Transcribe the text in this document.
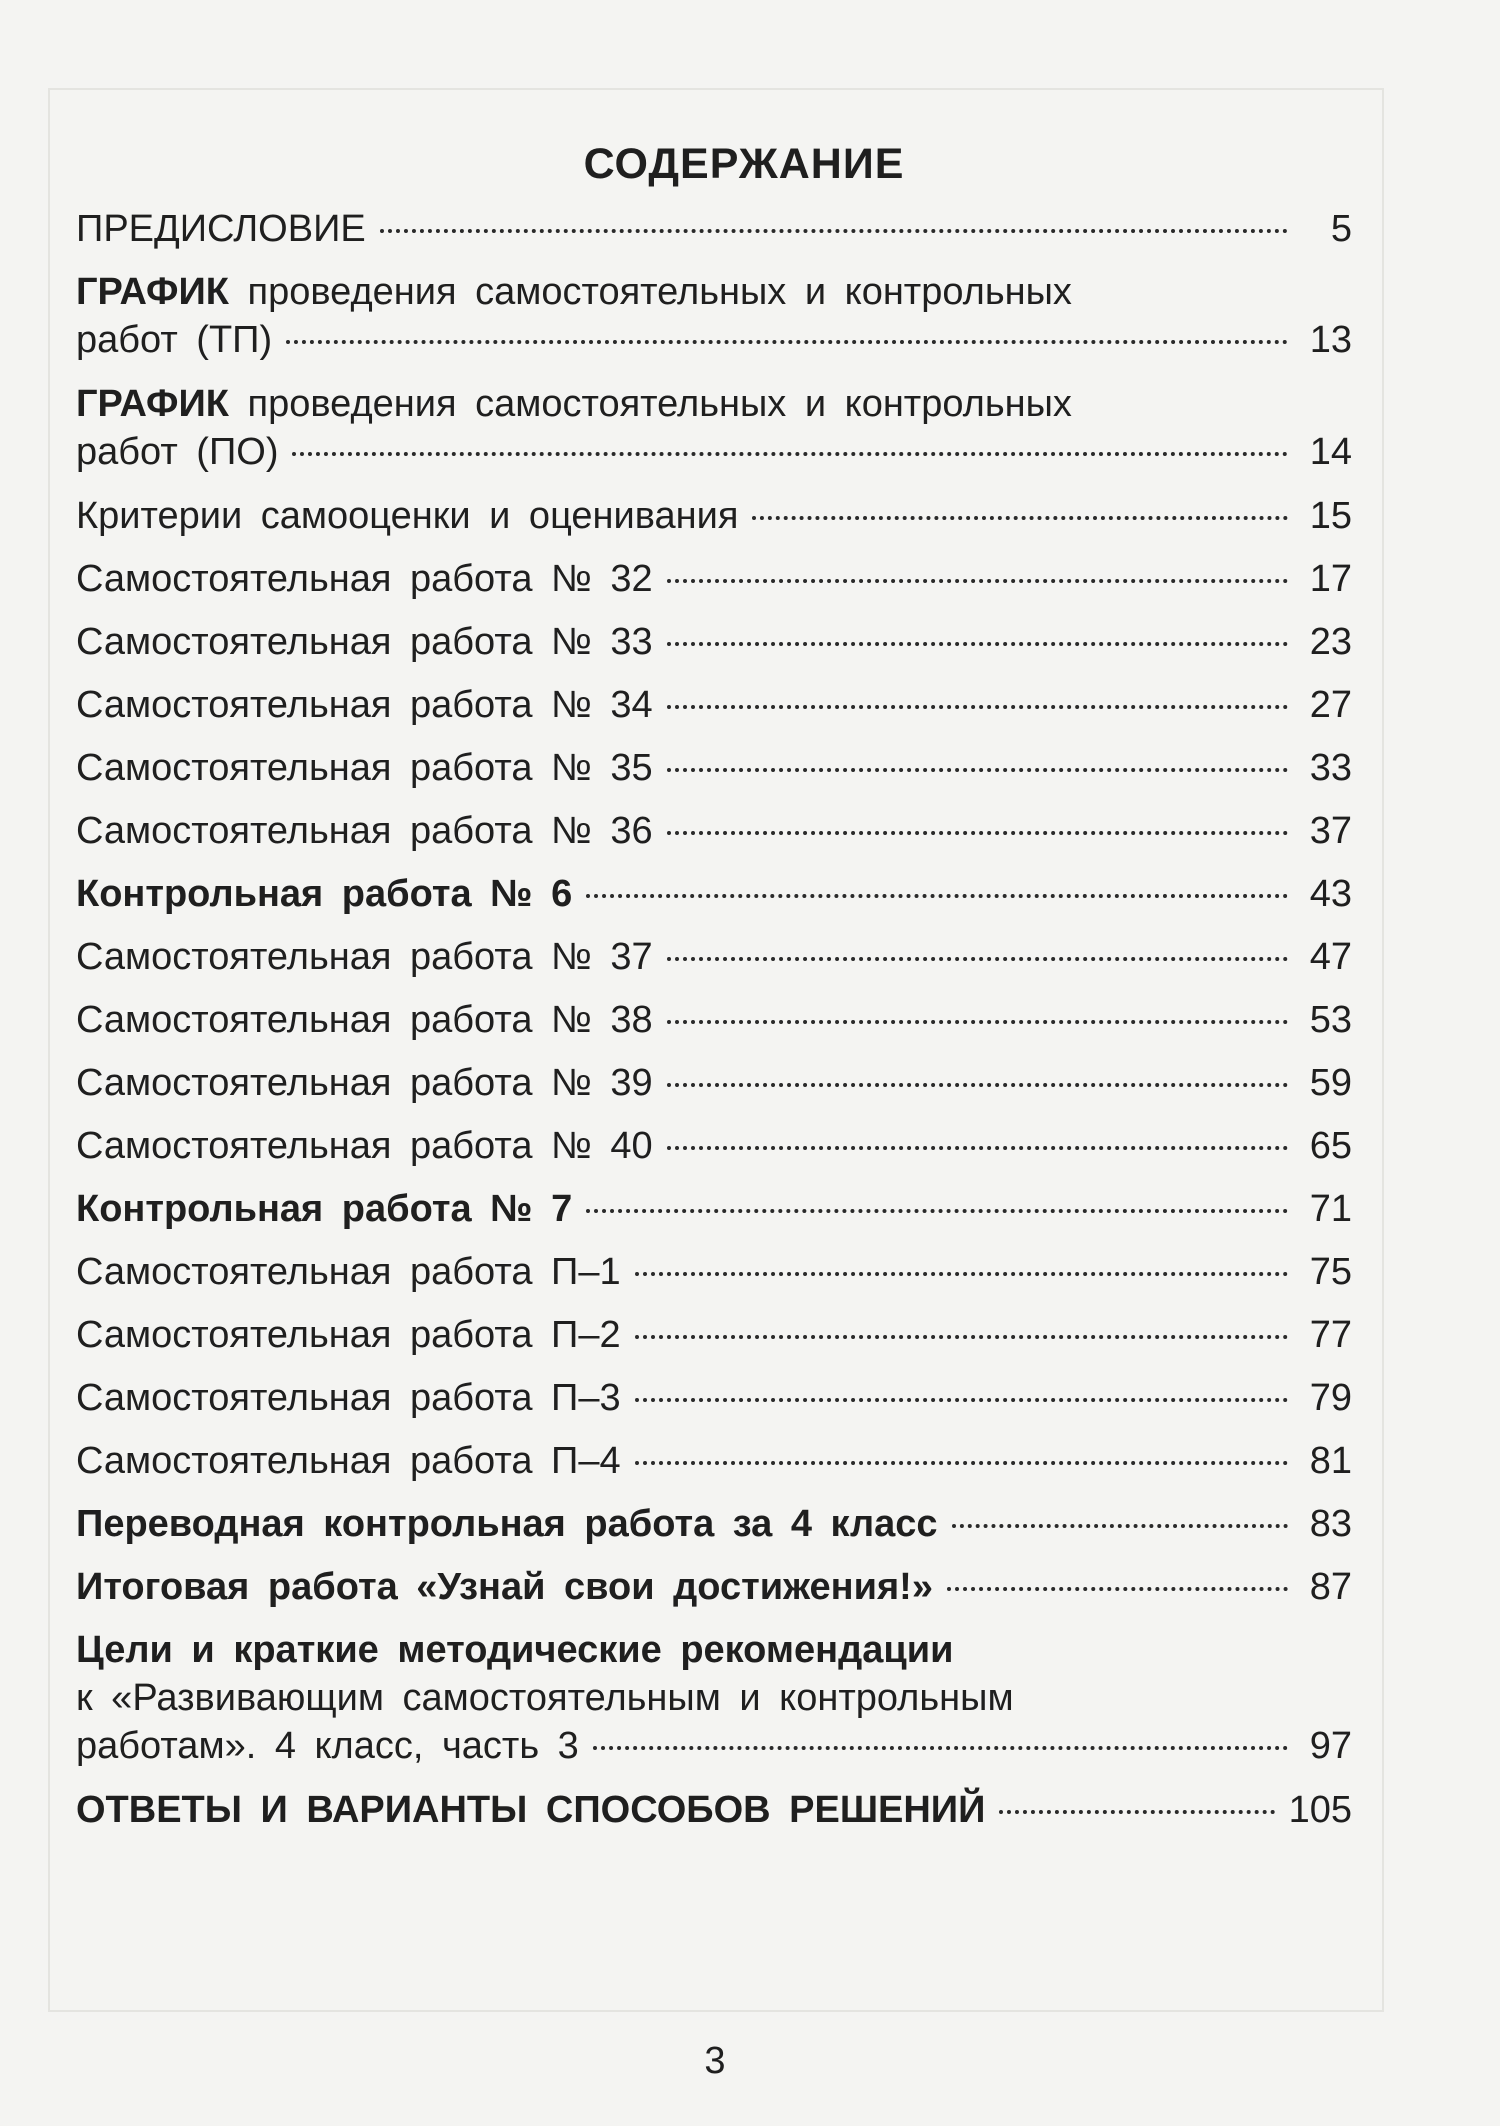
СОДЕРЖАНИЕ
ПРЕДИСЛОВИЕ	5
ГРАФИК проведения самостоятельных и контрольных
работ (ТП)	13
ГРАФИК проведения самостоятельных и контрольных
работ (ПО)	14
Критерии самооценки и оценивания	15
Самостоятельная работа № 32	17
Самостоятельная работа № 33	23
Самостоятельная работа № 34	27
Самостоятельная работа № 35	33
Самостоятельная работа № 36	37
Контрольная работа № 6	43
Самостоятельная работа № 37	47
Самостоятельная работа № 38	53
Самостоятельная работа № 39	59
Самостоятельная работа № 40	65
Контрольная работа № 7	71
Самостоятельная работа П–1	75
Самостоятельная работа П–2	77
Самостоятельная работа П–3	79
Самостоятельная работа П–4	81
Переводная контрольная работа за 4 класс	83
Итоговая работа «Узнай свои достижения!»	87
Цели и краткие методические рекомендации
к «Развивающим самостоятельным и контрольным
работам». 4 класс, часть 3	97
ОТВЕТЫ И ВАРИАНТЫ СПОСОБОВ РЕШЕНИЙ	105
3
